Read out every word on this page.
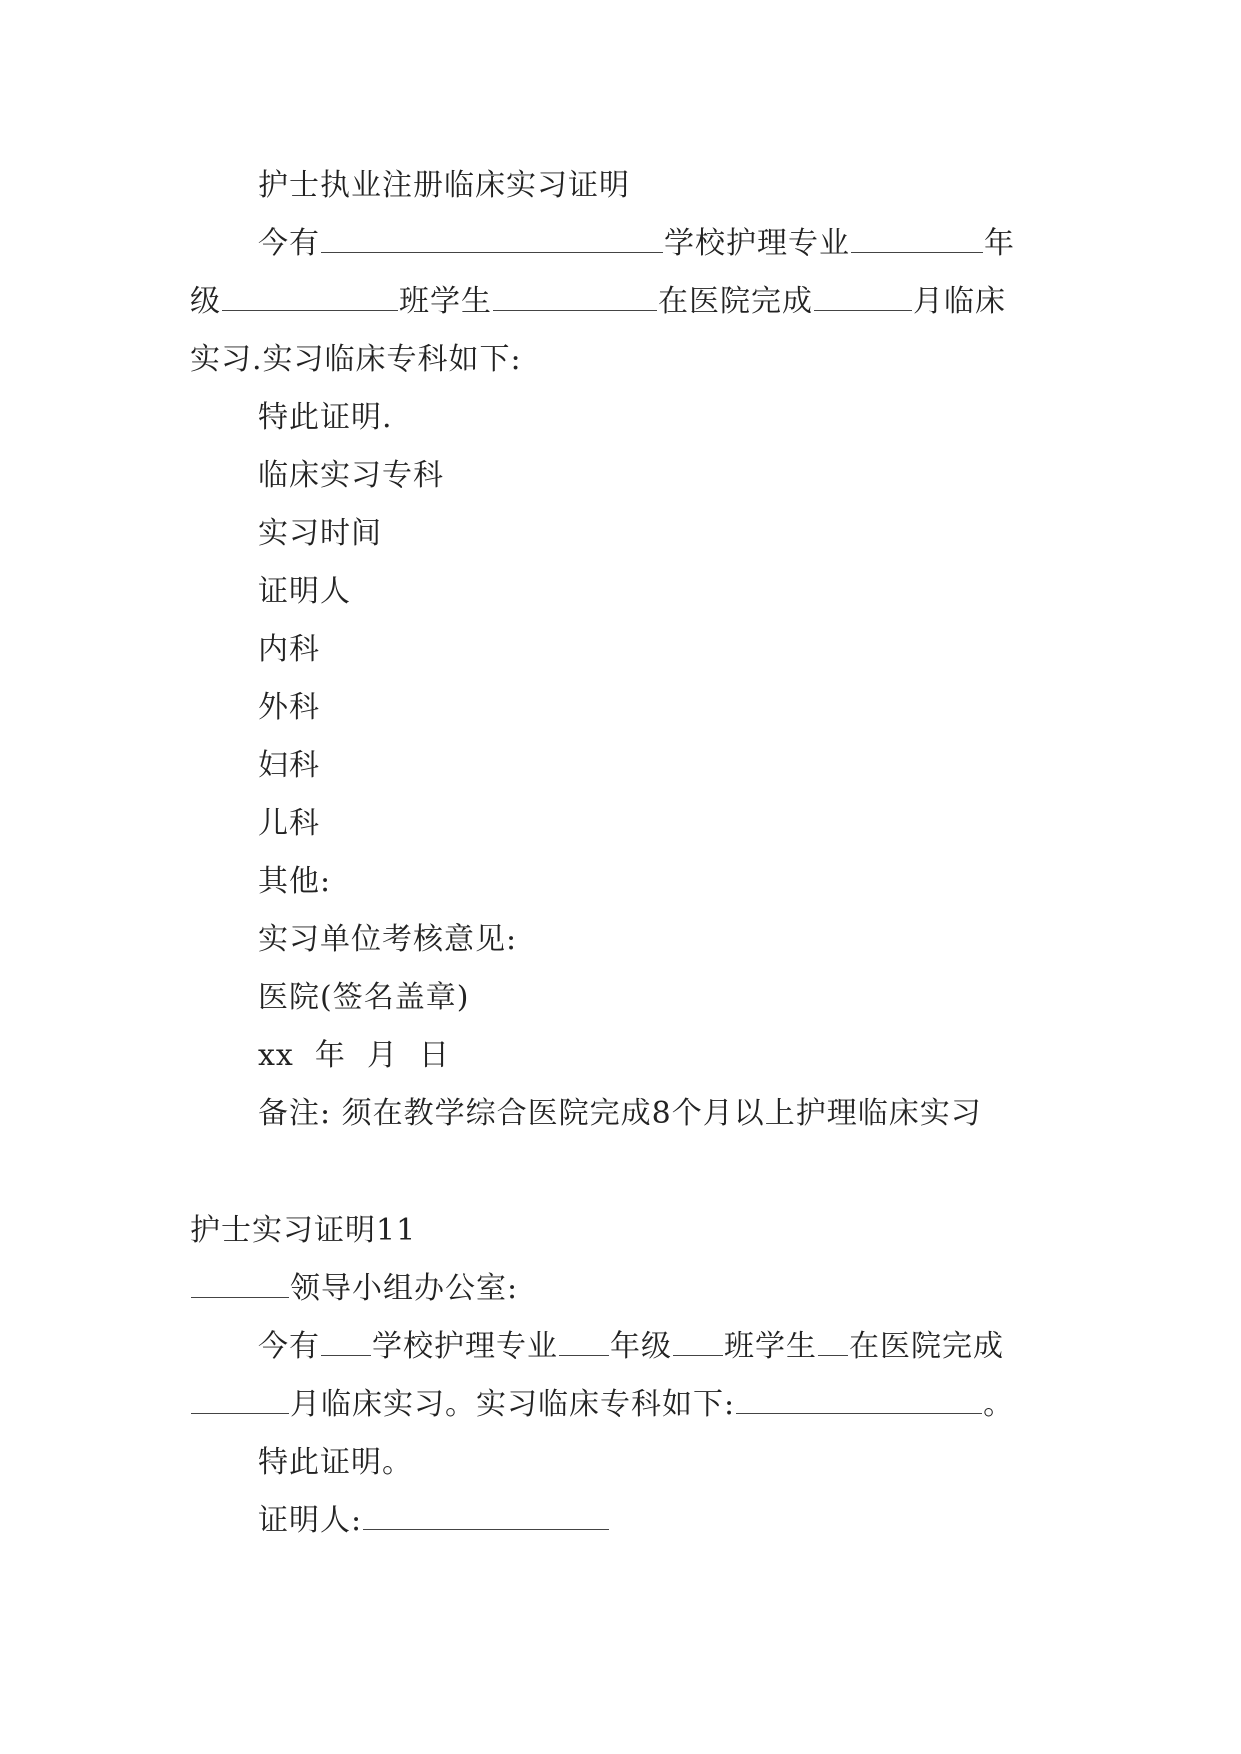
护士执业注册临床实习证明
今有	学校护理专业	年
级	班学生	在医院完成	月临床
实习.实习临床专科如下:
特此证明.
临床实习专科
实习时间
证明人
内科
外科
妇科
儿科
其他:
实习单位考核意见:
医院(签名盖章)
xx  年  月  日
备注: 须在教学综合医院完成8个月以上护理临床实习
护士实习证明11
领导小组办公室:
今有 学校护理专业 年级 班学生 在医院完成
月临床实习。实习临床专科如下:	。
特此证明。
证明人:
